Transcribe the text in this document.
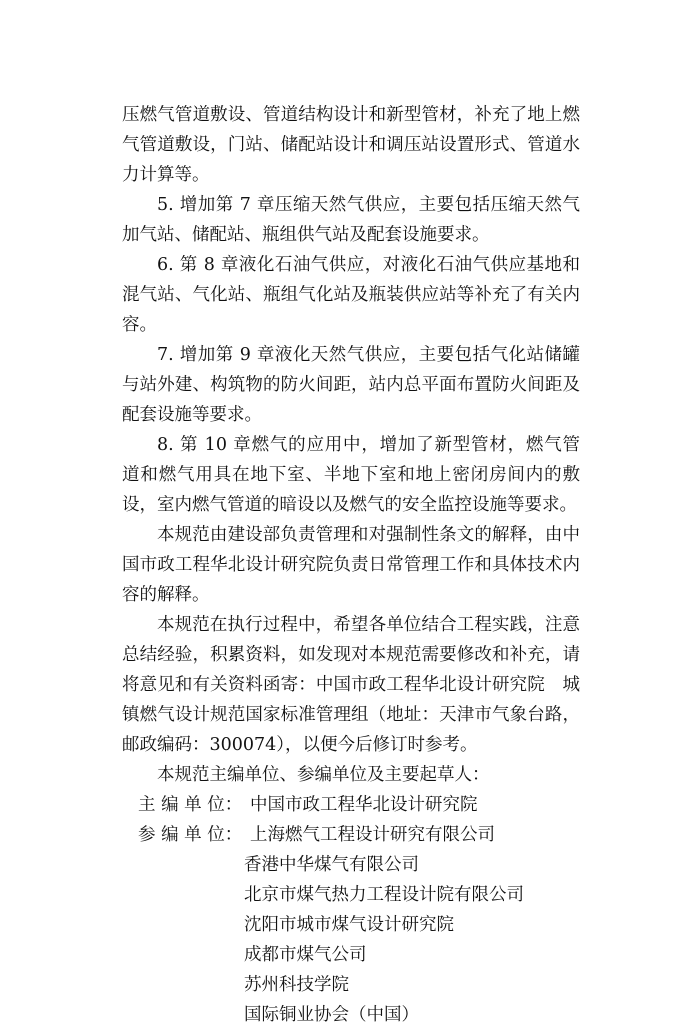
压燃气管道敷设、管道结构设计和新型管材，补充了地上燃气管道敷设，门站、储配站设计和调压站设置形式、管道水力计算等。

5. 增加第 7 章压缩天然气供应，主要包括压缩天然气加气站、储配站、瓶组供气站及配套设施要求。

6. 第 8 章液化石油气供应，对液化石油气供应基地和混气站、气化站、瓶组气化站及瓶装供应站等补充了有关内容。

7. 增加第 9 章液化天然气供应，主要包括气化站储罐与站外建、构筑物的防火间距，站内总平面布置防火间距及配套设施等要求。

8. 第 10 章燃气的应用中，增加了新型管材，燃气管道和燃气用具在地下室、半地下室和地上密闭房间内的敷设，室内燃气管道的暗设以及燃气的安全监控设施等要求。

本规范由建设部负责管理和对强制性条文的解释，由中国市政工程华北设计研究院负责日常管理工作和具体技术内容的解释。

本规范在执行过程中，希望各单位结合工程实践，注意总结经验，积累资料，如发现对本规范需要修改和补充，请将意见和有关资料函寄：中国市政工程华北设计研究院　城镇燃气设计规范国家标准管理组（地址：天津市气象台路，邮政编码：300074），以便今后修订时参考。

本规范主编单位、参编单位及主要起草人：

主 编 单 位： 中国市政工程华北设计研究院
参 编 单 位： 上海燃气工程设计研究有限公司
香港中华煤气有限公司
北京市煤气热力工程设计院有限公司
沈阳市城市煤气设计研究院
成都市煤气公司
苏州科技学院
国际铜业协会（中国）
